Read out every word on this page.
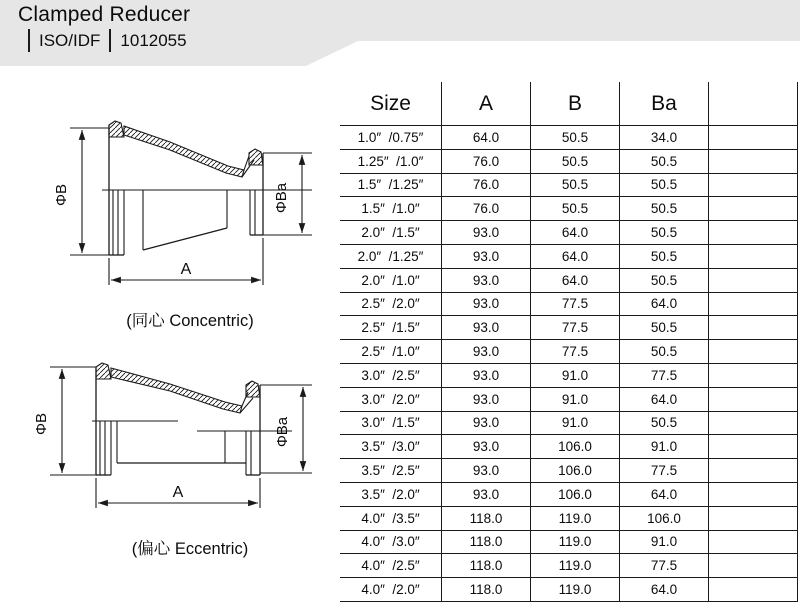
Clamped Reducer
ISO/IDF 1012055
ΦB	ΦBa
A
(同心 Concentric)
ΦB	ΦBa
A
(偏心 Eccentric)
Size	A	B	Ba
1.0″  /0.75″	64.0	50.5	34.0
1.25″  /1.0″	76.0	50.5	50.5
1.5″  /1.25″	76.0	50.5	50.5
1.5″  /1.0″	76.0	50.5	50.5
2.0″  /1.5″	93.0	64.0	50.5
2.0″  /1.25″	93.0	64.0	50.5
2.0″  /1.0″	93.0	64.0	50.5
2.5″  /2.0″	93.0	77.5	64.0
2.5″  /1.5″	93.0	77.5	50.5
2.5″  /1.0″	93.0	77.5	50.5
3.0″  /2.5″	93.0	91.0	77.5
3.0″  /2.0″	93.0	91.0	64.0
3.0″  /1.5″	93.0	91.0	50.5
3.5″  /3.0″	93.0	106.0	91.0
3.5″  /2.5″	93.0	106.0	77.5
3.5″  /2.0″	93.0	106.0	64.0
4.0″  /3.5″	118.0	119.0	106.0
4.0″  /3.0″	118.0	119.0	91.0
4.0″  /2.5″	118.0	119.0	77.5
4.0″  /2.0″	118.0	119.0	64.0
